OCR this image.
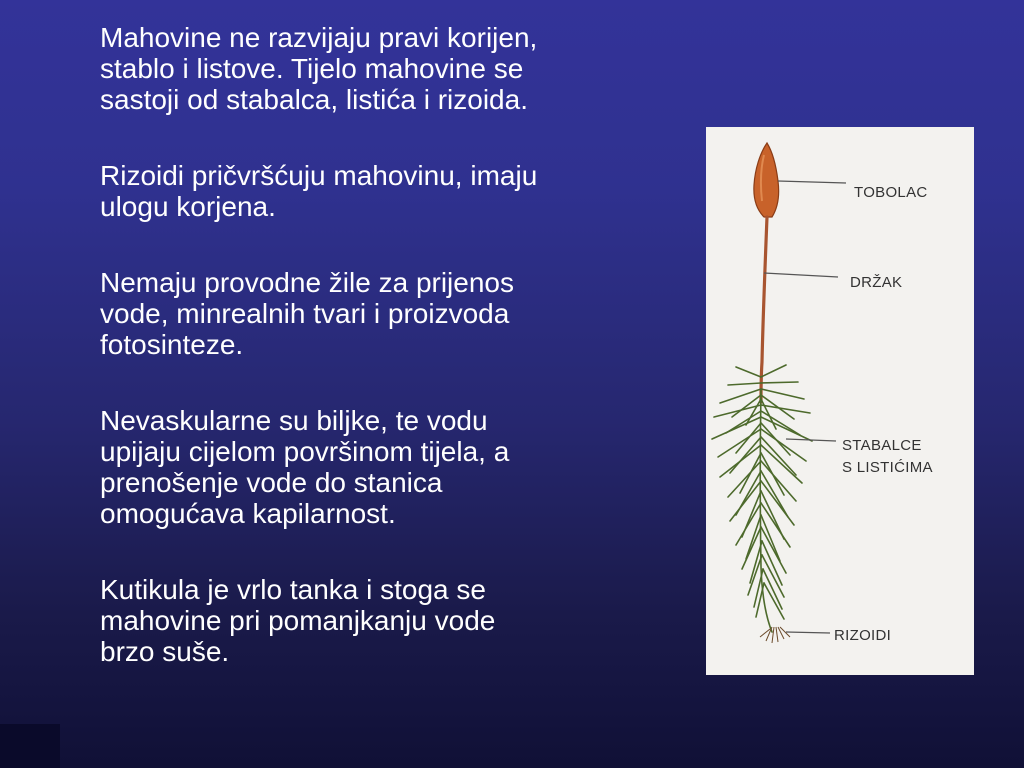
Mahovine ne razvijaju pravi korijen,
stablo i listove. Tijelo mahovine se
sastoji od stabalca, listića i rizoida.

Rizoidi pričvršćuju mahovinu, imaju
ulogu korjena.

Nemaju provodne žile za prijenos
vode, minrealnih tvari i proizvoda
fotosinteze.

Nevaskularne su biljke, te vodu
upijaju cijelom površinom tijela, a
prenošenje vode do stanica
omogućava kapilarnost.

Kutikula je vrlo tanka i stoga se
mahovine pri pomanjkanju vode
brzo suše.

TOBOLAC
DRŽAK
STABALCE
S LISTIĆIMA
RIZOIDI
